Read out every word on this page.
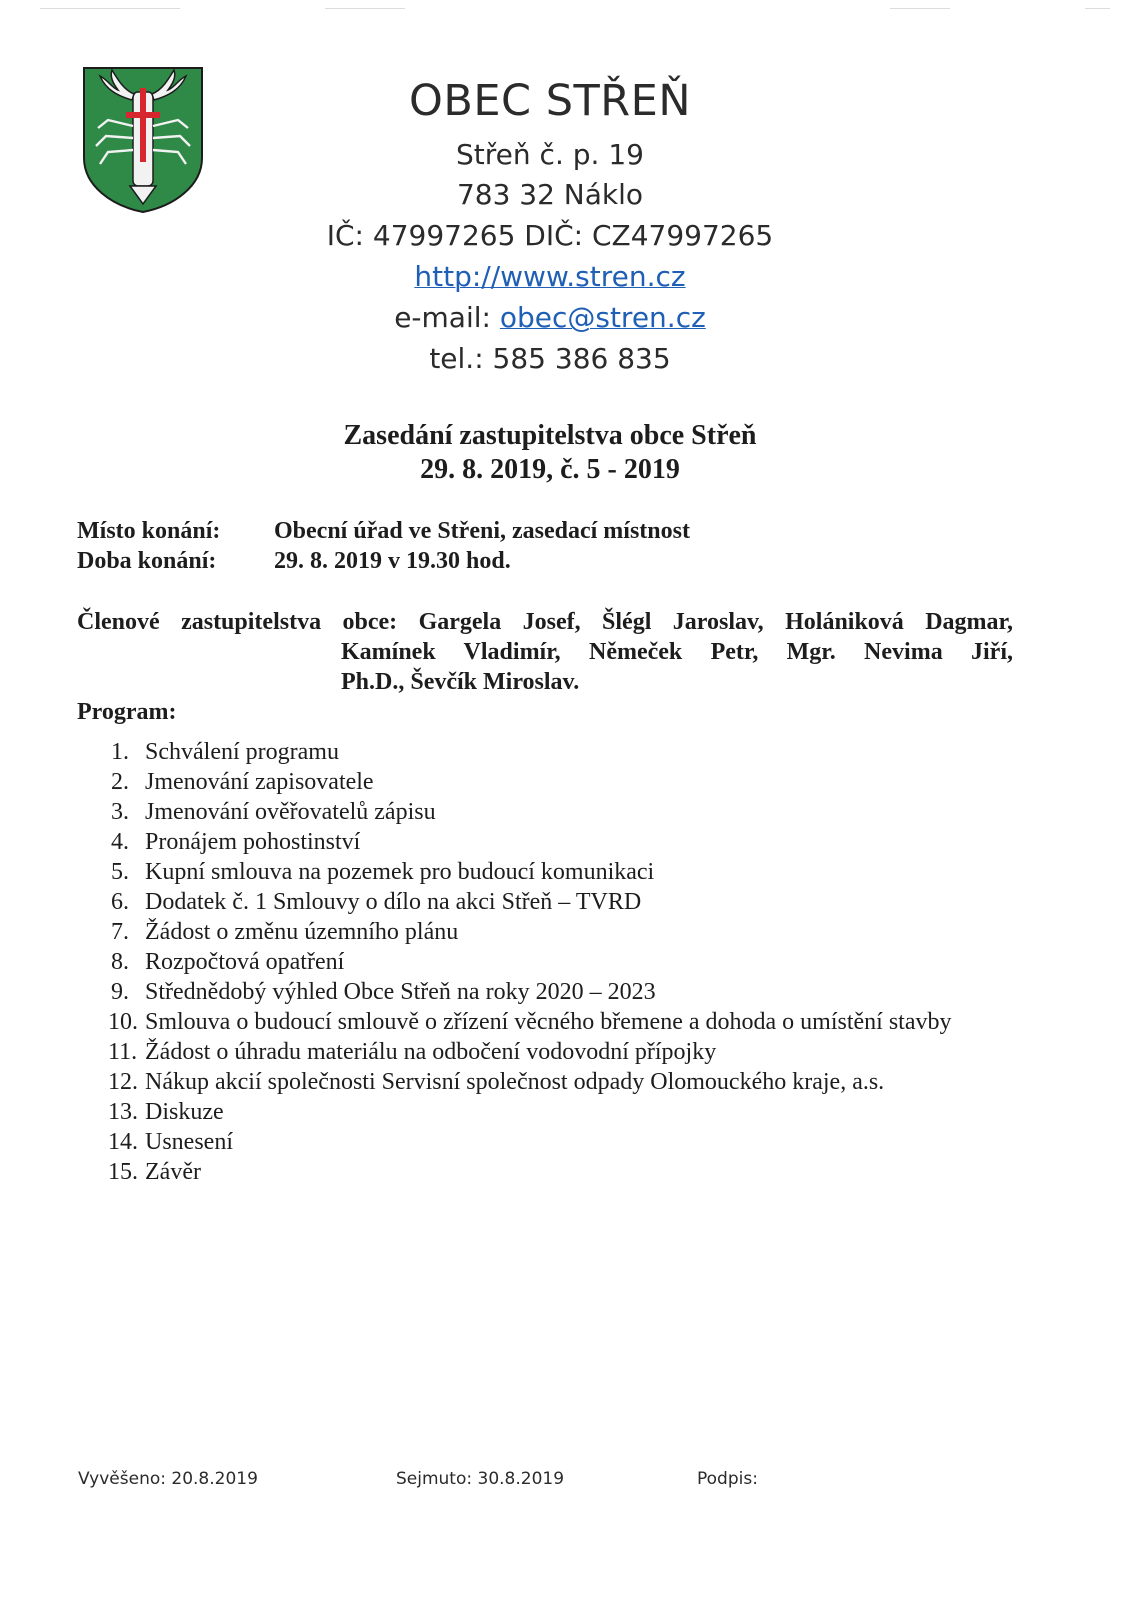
OBEC STŘEŇ
Střeň č. p. 19
783 32 Náklo
IČ: 47997265 DIČ: CZ47997265
http://www.stren.cz
e-mail: obec@stren.cz
tel.: 585 386 835
Zasedání zastupitelstva obce Střeň
29. 8. 2019, č. 5 - 2019
Místo konání: Obecní úřad ve Střeni, zasedací místnost
Doba konání: 29. 8. 2019 v 19.30 hod.
Členové zastupitelstva obce: Gargela Josef, Šlégl Jaroslav, Holániková Dagmar,
Kamínek Vladimír, Němeček Petr, Mgr. Nevima Jiří,
Ph.D., Ševčík Miroslav.
Program:
1. Schválení programu
2. Jmenování zapisovatele
3. Jmenování ověřovatelů zápisu
4. Pronájem pohostinství
5. Kupní smlouva na pozemek pro budoucí komunikaci
6. Dodatek č. 1 Smlouvy o dílo na akci Střeň – TVRD
7. Žádost o změnu územního plánu
8. Rozpočtová opatření
9. Střednědobý výhled Obce Střeň na roky 2020 – 2023
10. Smlouva o budoucí smlouvě o zřízení věcného břemene a dohoda o umístění stavby
11. Žádost o úhradu materiálu na odbočení vodovodní přípojky
12. Nákup akcií společnosti Servisní společnost odpady Olomouckého kraje, a.s.
13. Diskuze
14. Usnesení
15. Závěr
Vyvěšeno: 20.8.2019	Sejmuto: 30.8.2019	Podpis:
